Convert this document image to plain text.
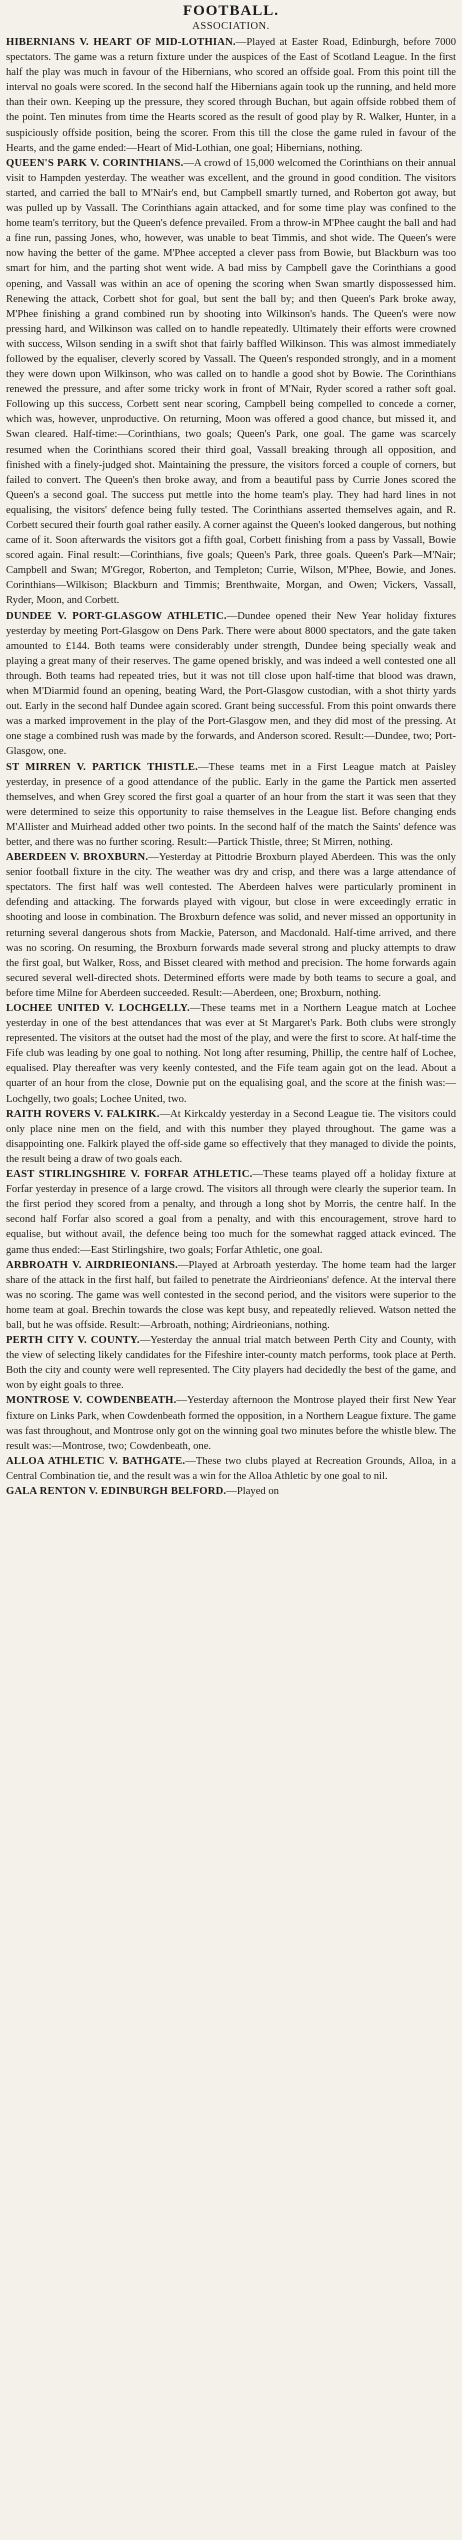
FOOTBALL.
ASSOCIATION.

HIBERNIANS V. HEART OF MID-LOTHIAN.—Played at Easter Road, Edinburgh, before 7000 spectators. The game was a return fixture under the auspices of the East of Scotland League. In the first half the play was much in favour of the Hibernians, who scored an offside goal. From this point till the interval no goals were scored. In the second half the Hibernians again took up the running, and held more than their own. Keeping up the pressure, they scored through Buchan, but again offside robbed them of the point. Ten minutes from time the Hearts scored as the result of good play by R. Walker, Hunter, in a suspiciously offside position, being the scorer. From this till the close the game ruled in favour of the Hearts, and the game ended:—Heart of Mid-Lothian, one goal; Hibernians, nothing.

QUEEN'S PARK V. CORINTHIANS.—A crowd of 15,000 welcomed the Corinthians on their annual visit to Hampden yesterday. The weather was excellent, and the ground in good condition. The visitors started, and carried the ball to M'Nair's end, but Campbell smartly turned, and Roberton got away, but was pulled up by Vassall. The Corinthians again attacked, and for some time play was confined to the home team's territory, but the Queen's defence prevailed. From a throw-in M'Phee caught the ball and had a fine run, passing Jones, who, however, was unable to beat Timmis, and shot wide. The Queen's were now having the better of the game. M'Phee accepted a clever pass from Bowie, but Blackburn was too smart for him, and the parting shot went wide. A bad miss by Campbell gave the Corinthians a good opening, and Vassall was within an ace of opening the scoring when Swan smartly dispossessed him. Renewing the attack, Corbett shot for goal, but sent the ball by; and then Queen's Park broke away, M'Phee finishing a grand combined run by shooting into Wilkinson's hands. The Queen's were now pressing hard, and Wilkinson was called on to handle repeatedly. Ultimately their efforts were crowned with success, Wilson sending in a swift shot that fairly baffled Wilkinson. This was almost immediately followed by the equaliser, cleverly scored by Vassall. The Queen's responded strongly, and in a moment they were down upon Wilkinson, who was called on to handle a good shot by Bowie. The Corinthians renewed the pressure, and after some tricky work in front of M'Nair, Ryder scored a rather soft goal. Following up this success, Corbett sent near scoring, Campbell being compelled to concede a corner, which was, however, unproductive. On returning, Moon was offered a good chance, but missed it, and Swan cleared. Half-time:—Corinthians, two goals; Queen's Park, one goal. The game was scarcely resumed when the Corinthians scored their third goal, Vassall breaking through all opposition, and finished with a finely-judged shot. Maintaining the pressure, the visitors forced a couple of corners, but failed to convert. The Queen's then broke away, and from a beautiful pass by Currie Jones scored the Queen's a second goal. The success put mettle into the home team's play. They had hard lines in not equalising, the visitors' defence being fully tested. The Corinthians asserted themselves again, and R. Corbett secured their fourth goal rather easily. A corner against the Queen's looked dangerous, but nothing came of it. Soon afterwards the visitors got a fifth goal, Corbett finishing from a pass by Vassall, Bowie scored again. Final result:—Corinthians, five goals; Queen's Park, three goals. Queen's Park—M'Nair; Campbell and Swan; M'Gregor, Roberton, and Templeton; Currie, Wilson, M'Phee, Bowie, and Jones. Corinthians—Wilkison; Blackburn and Timmis; Brenthwaite, Morgan, and Owen; Vickers, Vassall, Ryder, Moon, and Corbett.

DUNDEE V. PORT-GLASGOW ATHLETIC.—Dundee opened their New Year holiday fixtures yesterday by meeting Port-Glasgow on Dens Park. There were about 8000 spectators, and the gate taken amounted to £144. Both teams were considerably under strength, Dundee being specially weak and playing a great many of their reserves. The game opened briskly, and was indeed a well contested one all through. Both teams had repeated tries, but it was not till close upon half-time that blood was drawn, when M'Diarmid found an opening, beating Ward, the Port-Glasgow custodian, with a shot thirty yards out. Early in the second half Dundee again scored. Grant being successful. From this point onwards there was a marked improvement in the play of the Port-Glasgow men, and they did most of the pressing. At one stage a combined rush was made by the forwards, and Anderson scored. Result:—Dundee, two; Port-Glasgow, one.

ST MIRREN V. PARTICK THISTLE.—These teams met in a First League match at Paisley yesterday, in presence of a good attendance of the public. Early in the game the Partick men asserted themselves, and when Grey scored the first goal a quarter of an hour from the start it was seen that they were determined to seize this opportunity to raise themselves in the League list. Before changing ends M'Allister and Muirhead added other two points. In the second half of the match the Saints' defence was better, and there was no further scoring. Result:—Partick Thistle, three; St Mirren, nothing.

ABERDEEN V. BROXBURN.—Yesterday at Pittodrie Broxburn played Aberdeen. This was the only senior football fixture in the city. The weather was dry and crisp, and there was a large attendance of spectators. The first half was well contested. The Aberdeen halves were particularly prominent in defending and attacking. The forwards played with vigour, but close in were exceedingly erratic in shooting and loose in combination. The Broxburn defence was solid, and never missed an opportunity in returning several dangerous shots from Mackie, Paterson, and Macdonald. Half-time arrived, and there was no scoring. On resuming, the Broxburn forwards made several strong and plucky attempts to draw the first goal, but Walker, Ross, and Bisset cleared with method and precision. The home forwards again secured several well-directed shots. Determined efforts were made by both teams to secure a goal, and before time Milne for Aberdeen succeeded. Result:—Aberdeen, one; Broxburn, nothing.

LOCHEE UNITED V. LOCHGELLY.—These teams met in a Northern League match at Lochee yesterday in one of the best attendances that was ever at St Margaret's Park. Both clubs were strongly represented. The visitors at the outset had the most of the play, and were the first to score. At half-time the Fife club was leading by one goal to nothing. Not long after resuming, Phillip, the centre half of Lochee, equalised. Play thereafter was very keenly contested, and the Fife team again got on the lead. About a quarter of an hour from the close, Downie put on the equalising goal, and the score at the finish was:—Lochgelly, two goals; Lochee United, two.

RAITH ROVERS V. FALKIRK.—At Kirkcaldy yesterday in a Second League tie. The visitors could only place nine men on the field, and with this number they played throughout. The game was a disappointing one. Falkirk played the off-side game so effectively that they managed to divide the points, the result being a draw of two goals each.

EAST STIRLINGSHIRE V. FORFAR ATHLETIC.—These teams played off a holiday fixture at Forfar yesterday in presence of a large crowd. The visitors all through were clearly the superior team. In the first period they scored from a penalty, and through a long shot by Morris, the centre half. In the second half Forfar also scored a goal from a penalty, and with this encouragement, strove hard to equalise, but without avail, the defence being too much for the somewhat ragged attack evinced. The game thus ended:—East Stirlingshire, two goals; Forfar Athletic, one goal.

ARBROATH V. AIRDRIEONIANS.—Played at Arbroath yesterday. The home team had the larger share of the attack in the first half, but failed to penetrate the Airdrieonians' defence. At the interval there was no scoring. The game was well contested in the second period, and the visitors were superior to the home team at goal. Brechin towards the close was kept busy, and repeatedly relieved. Watson netted the ball, but he was offside. Result:—Arbroath, nothing; Airdrieonians, nothing.

PERTH CITY V. COUNTY.—Yesterday the annual trial match between Perth City and County, with the view of selecting likely candidates for the Fifeshire inter-county match performs, took place at Perth. Both the city and county were well represented. The City players had decidedly the best of the game, and won by eight goals to three.

MONTROSE V. COWDENBEATH.—Yesterday afternoon the Montrose played their first New Year fixture on Links Park, when Cowdenbeath formed the opposition, in a Northern League fixture. The game was fast throughout, and Montrose only got on the winning goal two minutes before the whistle blew. The result was:—Montrose, two; Cowdenbeath, one.

ALLOA ATHLETIC V. BATHGATE.—These two clubs played at Recreation Grounds, Alloa, in a Central Combination tie, and the result was a win for the Alloa Athletic by one goal to nil.

GALA RENTON V. EDINBURGH BELFORD.—Played on
